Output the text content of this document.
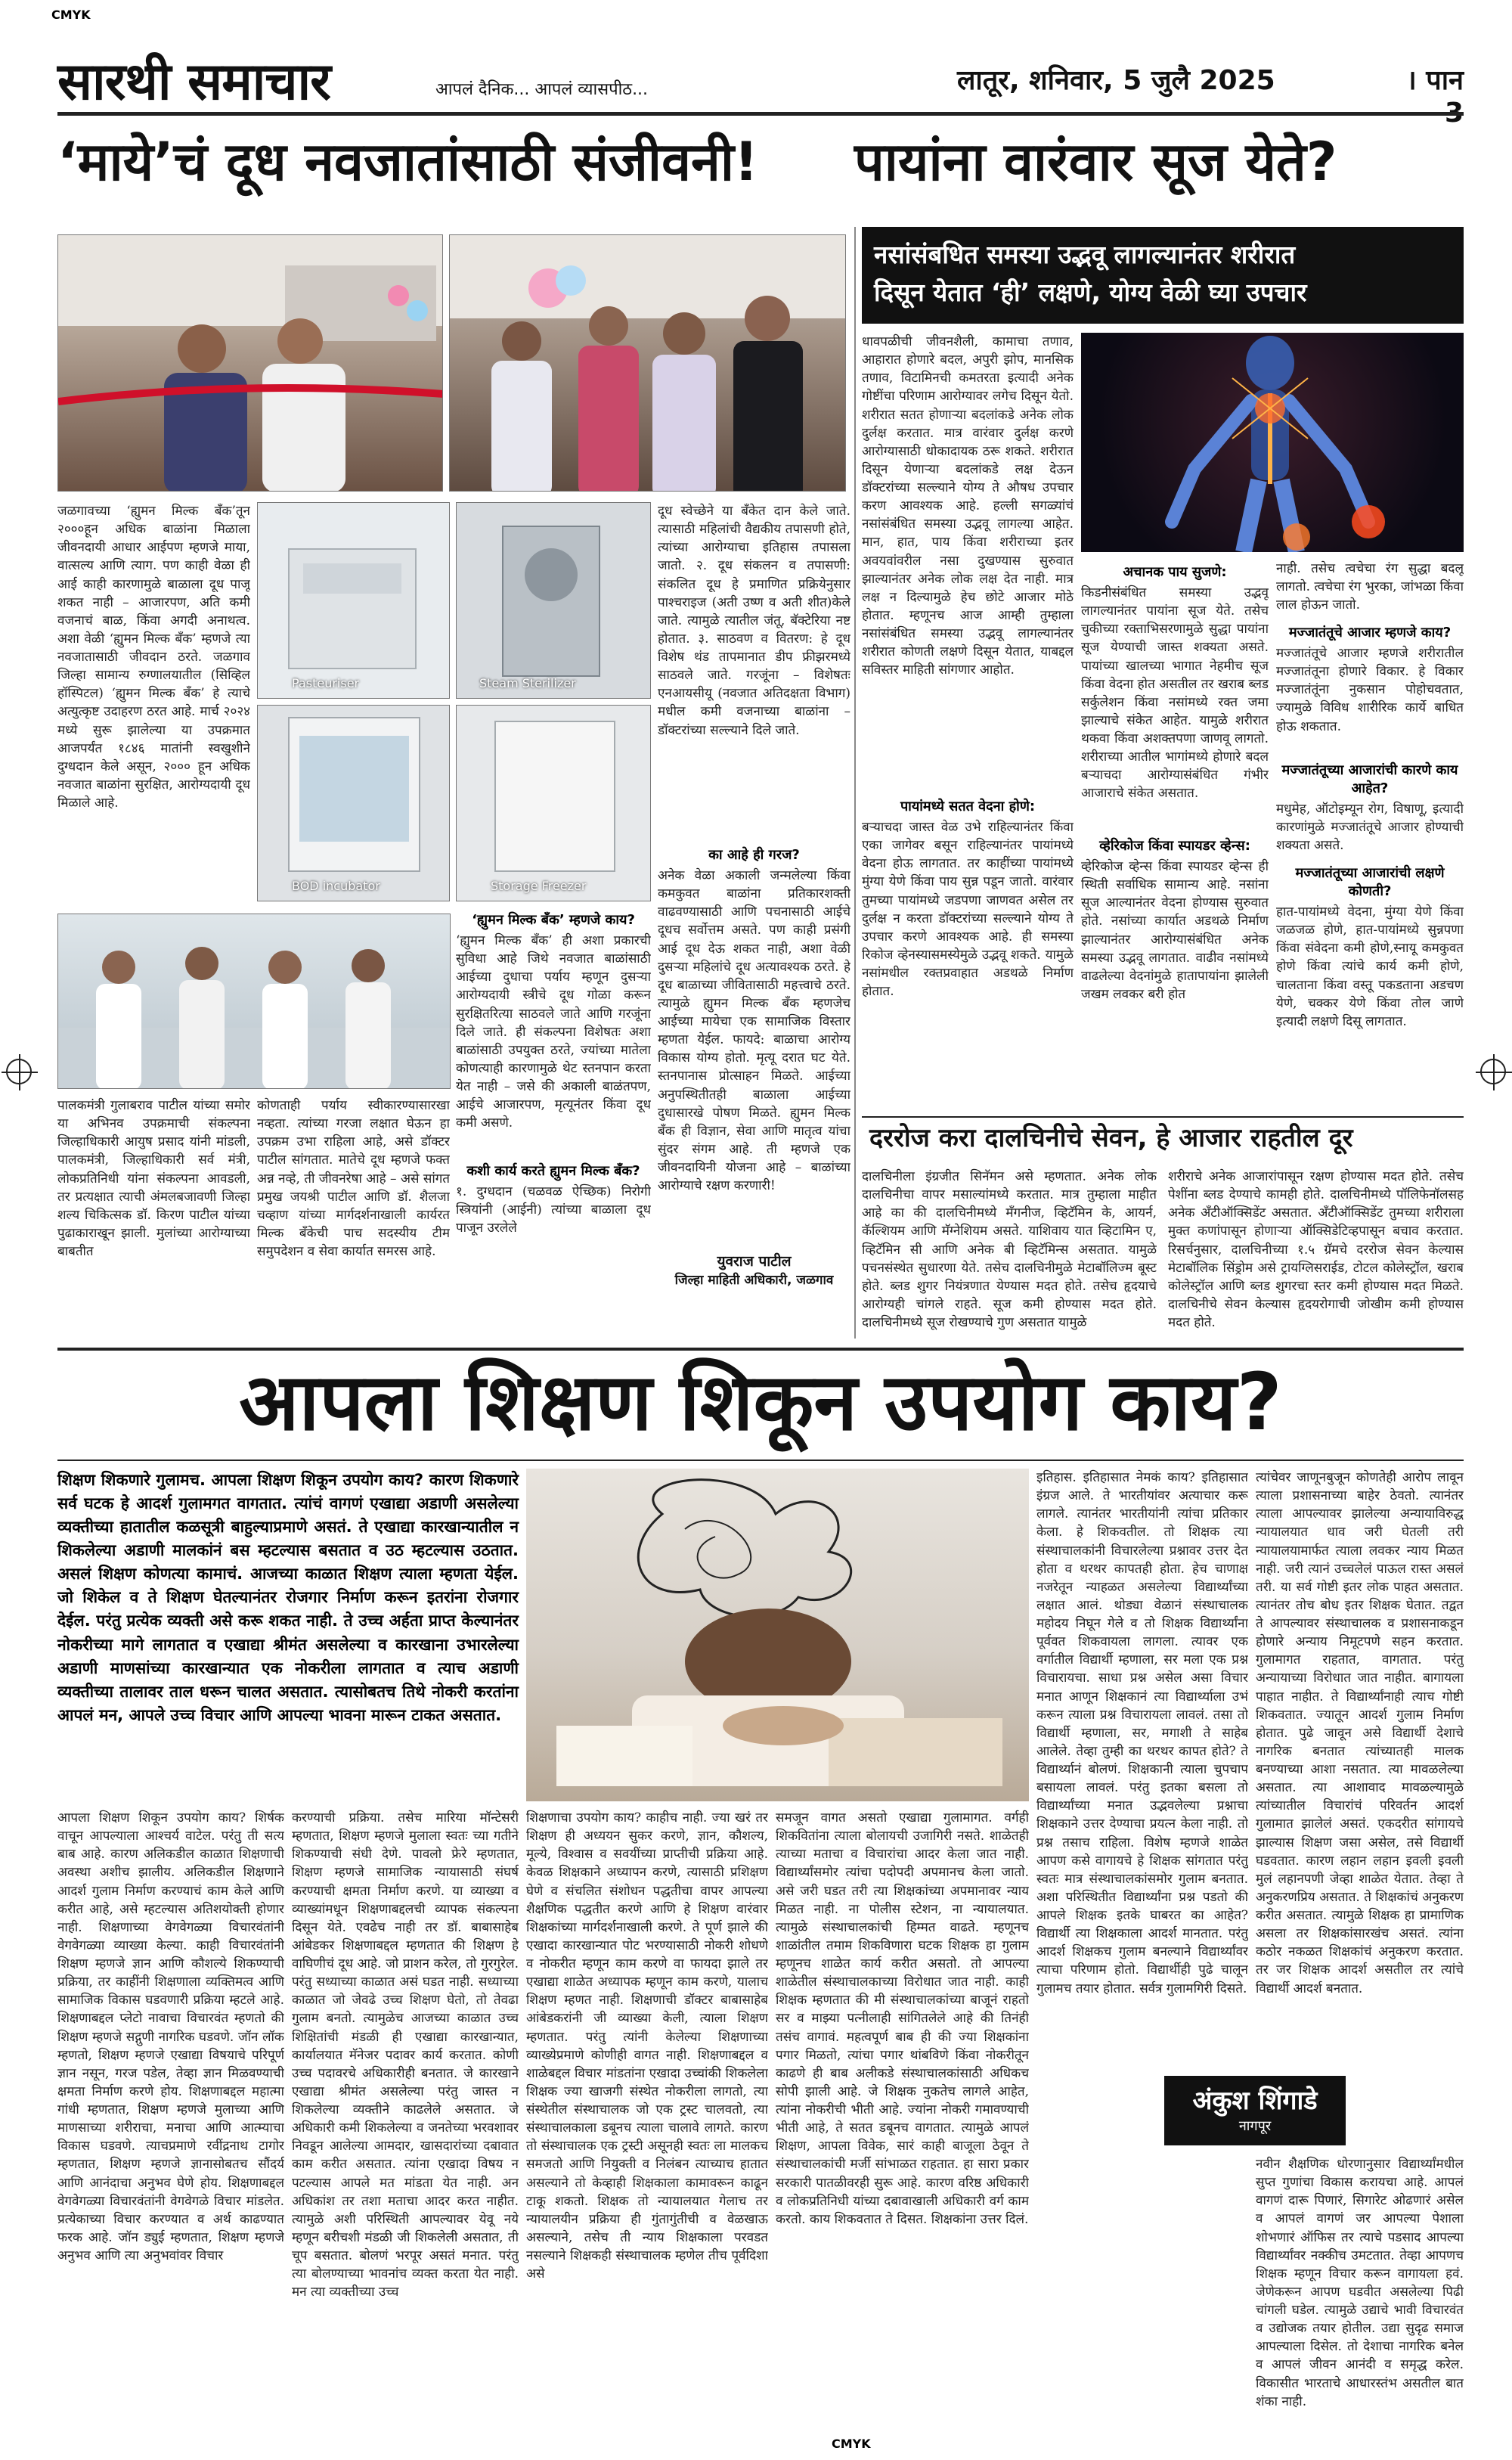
CMYK
CMYK
सारथी समाचार	आपलं दैनिक... आपलं व्यासपीठ...	लातूर, शनिवार, 5 जुलै 2025	। पान
‘माये’चं दूध नवजातांसाठी संजीवनी!	पायांना वारंवार सूज येते?
Pasteuriser	Steam Sterilizer
BOD incubator	Storage Freezer
जळगावच्या ‘ह्युमन मिल्क बँक’तून २०००हून अधिक बाळांना मिळाला जीवनदायी आधार आईपण म्हणजे माया, वात्सल्य आणि त्याग. पण काही वेळा ही आई काही कारणामुळे बाळाला दूध पाजू शकत नाही – आजारपण, अति कमी वजनाचं बाळ, किंवा अगदी अनाथत्व. अशा वेळी ‘ह्युमन मिल्क बँक’ म्हणजे त्या नवजातासाठी जीवदान ठरते. जळगाव जिल्हा सामान्य रुग्णालयातील (सिव्हिल हॉस्पिटल) ‘ह्युमन मिल्क बँक’ हे त्याचे अत्युत्कृष्ट उदाहरण ठरत आहे. मार्च २०२४ मध्ये सुरू झालेल्या या उपक्रमात आजपर्यंत १८४६ मातांनी स्वखुशीने दुग्धदान केले असून, २००० हून अधिक नवजात बाळांना सुरक्षित, आरोग्यदायी दूध मिळाले आहे.
पालकमंत्री गुलाबराव पाटील यांच्या समोर या अभिनव उपक्रमाची संकल्पना जिल्हाधिकारी आयुष प्रसाद यांनी मांडली, पालकमंत्री, जिल्हाधिकारी सर्व मंत्री, लोकप्रतिनिधी यांना संकल्पना आवडली, तर प्रत्यक्षात त्याची अंमलबजावणी जिल्हा शल्य चिकित्सक डॉ. किरण पाटील यांच्या पुढाकाराखून झाली. मुलांच्या आरोग्याच्या बाबतीत
कोणताही पर्याय स्वीकारण्यासारखा नव्हता. त्यांच्या गरजा लक्षात घेऊन हा उपक्रम उभा राहिला आहे, असे डॉक्टर पाटील सांगतात. मातेचे दूध म्हणजे फक्त अन्न नव्हे, ती जीवनरेषा आहे – असे सांगत प्रमुख जयश्री पाटील आणि डॉ. शैलजा चव्हाण यांच्या मार्गदर्शनाखाली कार्यरत मिल्क बँकेची पाच सदस्यीय टीम समुपदेशन व सेवा कार्यात समरस आहे.
‘ह्युमन मिल्क बँक’ म्हणजे काय?
‘ह्युमन मिल्क बँक’ ही अशा प्रकारची सुविधा आहे जिथे नवजात बाळांसाठी आईच्या दुधाचा पर्याय म्हणून दुसऱ्या आरोग्यदायी स्त्रीचे दूध गोळा करून सुरक्षितरित्या साठवले जाते आणि गरजूंना दिले जाते. ही संकल्पना विशेषतः अशा बाळांसाठी उपयुक्त ठरते, ज्यांच्या मातेला कोणत्याही कारणामुळे थेट स्तनपान करता येत नाही – जसे की अकाली बाळंतपण, आईचे आजारपण, मृत्यूनंतर किंवा दूध कमी असणे.
कशी कार्य करते ह्युमन मिल्क बँक?
१. दुग्धदान (चळवळ ऐच्छिक) निरोगी स्त्रियांनी (आईनी) त्यांच्या बाळाला दूध पाजून उरलेले
दूध स्वेच्छेने या बँकेत दान केले जाते. त्यासाठी महिलांची वैद्यकीय तपासणी होते, त्यांच्या आरोग्याचा इतिहास तपासला जातो. २. दूध संकलन व तपासणी: संकलित दूध हे प्रमाणित प्रक्रियेनुसार पाश्चराइज (अती उष्ण व अती शीत)केले जाते. त्यामुळे त्यातील जंतू, बॅक्टेरिया नष्ट होतात. ३. साठवण व वितरण: हे दूध विशेष थंड तापमानात डीप फ्रीझरमध्ये साठवले जाते. गरजूंना – विशेषतः एनआयसीयू (नवजात अतिदक्षता विभाग) मधील कमी वजनाच्या बाळांना – डॉक्टरांच्या सल्ल्याने दिले जाते.
का आहे ही गरज?
अनेक वेळा अकाली जन्मलेल्या किंवा कमकुवत बाळांना प्रतिकारशक्ती वाढवण्यासाठी आणि पचनासाठी आईचे दूधच सर्वोत्तम असते. पण काही प्रसंगी आई दूध देऊ शकत नाही, अशा वेळी दुसऱ्या महिलांचे दूध अत्यावश्यक ठरते. हे दूध बाळाच्या जीवितासाठी महत्त्वाचे ठरते. त्यामुळे ह्युमन मिल्क बँक म्हणजेच आईच्या मायेचा एक सामाजिक विस्तार म्हणता येईल. फायदे: बाळाचा आरोग्य विकास योग्य होतो. मृत्यू दरात घट येते. स्तनपानास प्रोत्साहन मिळते. आईच्या अनुपस्थितीतही बाळाला आईच्या दुधासारखे पोषण मिळते. ह्युमन मिल्क बँक ही विज्ञान, सेवा आणि मातृत्व यांचा सुंदर संगम आहे. ती म्हणजे एक जीवनदायिनी योजना आहे – बाळांच्या आरोग्याचे रक्षण करणारी!
युवराज पाटील
जिल्हा माहिती अधिकारी, जळगाव
नसांसंबधित समस्या उद्भवू लागल्यानंतर शरीरात
दिसून येतात ‘ही’ लक्षणे, योग्य वेळी घ्या उपचार
धावपळीची जीवनशैली, कामाचा तणाव, आहारात होणारे बदल, अपुरी झोप, मानसिक तणाव, विटामिनची कमतरता इत्यादी अनेक गोष्टींचा परिणाम आरोग्यावर लगेच दिसून येतो. शरीरात सतत होणाऱ्या बदलांकडे अनेक लोक दुर्लक्ष करतात. मात्र वारंवार दुर्लक्ष करणे आरोग्यासाठी धोकादायक ठरू शकते. शरीरात दिसून येणाऱ्या बदलांकडे लक्ष देऊन डॉक्टरांच्या सल्ल्याने योग्य ते औषध उपचार करण आवश्यक आहे. हल्ली सगळ्यांचं नसांसंबंधित समस्या उद्भवू लागल्या आहेत. मान, हात, पाय किंवा शरीराच्या इतर अवयवांवरील नसा दुखण्यास सुरुवात झाल्यानंतर अनेक लोक लक्ष देत नाही. मात्र लक्ष न दिल्यामुळे हेच छोटे आजार मोठे होतात. म्हणूनच आज आम्ही तुम्हाला नसांसंबंधित समस्या उद्भवू लागल्यानंतर शरीरात कोणती लक्षणे दिसून येतात, याबद्दल सविस्तर माहिती सांगणार आहोत.
पायांमध्ये सतत वेदना होणे:
बऱ्याचदा जास्त वेळ उभे राहिल्यानंतर किंवा एका जागेवर बसून राहिल्यानंतर पायांमध्ये वेदना होऊ लागतात. तर काहींच्या पायांमध्ये मुंग्या येणे किंवा पाय सुन्न पडून जातो. वारंवार तुमच्या पायांमध्ये जडपणा जाणवत असेल तर दुर्लक्ष न करता डॉक्टरांच्या सल्ल्याने योग्य ते उपचार करणे आवश्यक आहे. ही समस्या रिकोज व्हेनस्यासमस्येमुळे उद्भवू शकते. यामुळे नसांमधील रक्तप्रवाहात अडथळे निर्माण होतात.
अचानक पाय सुजणे:
किडनीसंबंधित समस्या उद्भवू लागल्यानंतर पायांना सूज येते. तसेच चुकीच्या रक्ताभिसरणामुळे सुद्धा पायांना सूज येण्याची जास्त शक्यता असते. पायांच्या खालच्या भागात नेहमीच सूज किंवा वेदना होत असतील तर खराब ब्लड सर्कुलेशन किंवा नसांमध्ये रक्त जमा झाल्याचे संकेत आहेत. यामुळे शरीरात थकवा किंवा अशक्तपणा जाणवू लागतो. शरीराच्या आतील भागांमध्ये होणारे बदल बऱ्याचदा आरोग्यासंबंधित गंभीर आजाराचे संकेत असतात.
व्हेरिकोज किंवा स्पायडर व्हेन्स:
व्हेरिकोज व्हेन्स किंवा स्पायडर व्हेन्स ही स्थिती सर्वाधिक सामान्य आहे. नसांना सूज आल्यानंतर वेदना होण्यास सुरुवात होते. नसांच्या कार्यात अडथळे निर्माण झाल्यानंतर आरोग्यासंबंधित अनेक समस्या उद्भवू लागतात. वाढीव नसांमध्ये वाढलेल्या वेदनांमुळे हातापायांना झालेली जखम लवकर बरी होत
नाही. तसेच त्वचेचा रंग सुद्धा बदलू लागतो. त्वचेचा रंग भुरका, जांभळा किंवा लाल होऊन जातो.
मज्जातंतूचे आजार म्हणजे काय?
मज्जातंतूचे आजार म्हणजे शरीरातील मज्जातंतूना होणारे विकार. हे विकार मज्जातंतूंना नुकसान पोहोचवतात, ज्यामुळे विविध शारीरिक कार्ये बाधित होऊ शकतात.
मज्जातंतूच्या आजारांची कारणे काय आहेत?
मधुमेह, ऑटोइम्यून रोग, विषाणू, इत्यादी कारणांमुळे मज्जातंतूचे आजार होण्याची शक्यता असते.
मज्जातंतूच्या आजारांची लक्षणे कोणती?
हात-पायांमध्ये वेदना, मुंग्या येणे किंवा जळजळ होणे, हात-पायांमध्ये सुन्नपणा किंवा संवेदना कमी होणे,स्नायू कमकुवत होणे किंवा त्यांचे कार्य कमी होणे, चालताना किंवा वस्तू पकडताना अडचण येणे, चक्कर येणे किंवा तोल जाणे इत्यादी लक्षणे दिसू लागतात.
दररोज करा दालचिनीचे सेवन, हे आजार राहतील दूर
दालचिनीला इंग्रजीत सिनॅमन असे म्हणतात. अनेक लोक दालचिनीचा वापर मसाल्यांमध्ये करतात. मात्र तुम्हाला माहीत आहे का की दालचिनीमध्ये मँगनीज, व्हिटॅमिन के, आयर्न, कॅल्शियम आणि मॅग्नेशियम असते. याशिवाय यात व्हिटामिन ए, व्हिटॅमिन सी आणि अनेक बी व्हिटॅमिन्स असतात. यामुळे पचनसंस्थेत सुधारणा येते. तसेच दालचिनीमुळे मेटाबॉलिज्म बूस्ट होते. ब्लड शुगर नियंत्रणात येण्यास मदत होते. तसेच हृदयाचे आरोग्यही चांगले राहते. सूज कमी होण्यास मदत होते. दालचिनीमध्ये सूज रोखण्याचे गुण असतात यामुळे
शरीराचे अनेक आजारांपासून रक्षण होण्यास मदत होते. तसेच पेशींना ब्लड देण्याचे कामही होते. दालचिनीमध्ये पॉलिफेनॉलसह अनेक अँटीऑक्सिडेंट असतात. अँटीऑक्सिडेंट तुमच्या शरीराला मुक्त कणांपासून होणाऱ्या ऑक्सिडेटिव्हपासून बचाव करतात. रिसर्चनुसार, दालचिनीच्या १.५ ग्रॅमचे दररोज सेवन केल्यास मेटाबॉलिक सिंड्रोम असे ट्रायग्लिसराईड, टोटल कोलेस्ट्रॉल, खराब कोलेस्ट्रॉल आणि ब्लड शुगरचा स्तर कमी होण्यास मदत मिळते. दालचिनीचे सेवन केल्यास हृदयरोगाची जोखीम कमी होण्यास मदत होते.
आपला शिक्षण शिकून उपयोग काय?
शिक्षण शिकणारे गुलामच. आपला शिक्षण शिकून उपयोग काय? कारण शिकणारे सर्व घटक हे आदर्श गुलामगत वागतात. त्यांचं वागणं एखाद्या अडाणी असलेल्या व्यक्तीच्या हातातील कळसूत्री बाहुल्याप्रमाणे असतं. ते एखाद्या कारखान्यातील न शिकलेल्या अडाणी मालकांनं बस म्हटल्यास बसतात व उठ म्हटल्यास उठतात. असलं शिक्षण कोणत्या कामाचं. आजच्या काळात शिक्षण त्याला म्हणता येईल. जो शिकेल व ते शिक्षण घेतल्यानंतर रोजगार निर्माण करून इतरांना रोजगार देईल. परंतु प्रत्येक व्यक्ती असे करू शकत नाही. ते उच्च अर्हता प्राप्त केल्यानंतर नोकरीच्या मागे लागतात व एखाद्या श्रीमंत असलेल्या व कारखाना उभारलेल्या अडाणी माणसांच्या कारखान्यात एक नोकरीला लागतात व त्याच अडाणी व्यक्तीच्या तालावर ताल धरून चालत असतात. त्यासोबतच तिथे नोकरी करतांना आपलं मन, आपले उच्च विचार आणि आपल्या भावना मारून टाकत असतात.
आपला शिक्षण शिकून उपयोग काय? शिर्षक वाचून आपल्याला आश्चर्य वाटेल. परंतु ती सत्य बाब आहे. कारण अलिकडील काळात शिक्षणाची अवस्था अशीच झालीय. अलिकडील शिक्षणाने आदर्श गुलाम निर्माण करण्याचं काम केले आणि करीत आहे, असे म्हटल्यास अतिशयोक्ती होणार नाही. शिक्षणाच्या वेगवेगळ्या विचारवंतांनी वेगवेगळ्या व्याख्या केल्या. काही विचारवंतांनी शिक्षण म्हणजे ज्ञान आणि कौशल्ये शिकण्याची प्रक्रिया, तर काहींनी शिक्षणाला व्यक्तिमत्व आणि सामाजिक विकास घडवणारी प्रक्रिया म्हटले आहे. शिक्षणाबद्दल प्लेटो नावाचा विचारवंत म्हणतो की शिक्षण म्हणजे सद्गुणी नागरिक घडवणे. जॉन लॉक म्हणतो, शिक्षण म्हणजे एखाद्या विषयाचे परिपूर्ण ज्ञान नसून, गरज पडेल, तेव्हा ज्ञान मिळवण्याची क्षमता निर्माण करणे होय. शिक्षणाबद्दल महात्मा गांधी म्हणतात, शिक्षण म्हणजे मुलाच्या आणि माणसाच्या शरीराचा, मनाचा आणि आत्म्याचा विकास घडवणे. त्याचप्रमाणे रवींद्रनाथ टागोर म्हणतात, शिक्षण म्हणजे ज्ञानासोबतच सौंदर्य आणि आनंदाचा अनुभव घेणे होय. शिक्षणाबद्दल वेगवेगळ्या विचारवंतांनी वेगवेगळे विचार मांडलेत. प्रत्येकाच्या विचार करण्यात व अर्थ काढण्यात फरक आहे. जॉन ड्युई म्हणतात, शिक्षण म्हणजे अनुभव आणि त्या अनुभवांवर विचार
करण्याची प्रक्रिया. तसेच मारिया मॉन्टेसरी म्हणतात, शिक्षण म्हणजे मुलाला स्वतः च्या गतीने शिकण्याची संधी देणे. पावलो फ्रेरे म्हणतात, शिक्षण म्हणजे सामाजिक न्यायासाठी संघर्ष करण्याची क्षमता निर्माण करणे. या व्याख्या व व्याख्यांमधून शिक्षणाबद्दलची व्यापक संकल्पना दिसून येते. एवढेच नाही तर डॉ. बाबासाहेब आंबेडकर शिक्षणाबद्दल म्हणतात की शिक्षण हे वाघिणीचं दूध आहे. जो प्राशन करेल, तो गुरगुरेल. परंतु सध्याच्या काळात असं घडत नाही. सध्याच्या काळात जो जेवढे उच्च शिक्षण घेतो, तो तेवढा गुलाम बनतो. त्यामुळेच आजच्या काळात उच्च शिक्षितांची मंडळी ही एखाद्या कारखान्यात, कार्यालयात मॅनेजर पदावर कार्य करतात. कोणी उच्च पदावरचे अधिकारीही बनतात. जे कारखाने एखाद्या श्रीमंत असलेल्या परंतु जास्त न शिकलेल्या व्यक्तीने काढलेले असतात. जे अधिकारी कमी शिकलेल्या व जनतेच्या भरवशावर निवडून आलेल्या आमदार, खासदारांच्या दबावात काम करीत असतात. त्यांना एखादा विषय न पटल्यास आपले मत मांडता येत नाही. अन अधिकांश तर तशा मताचा आदर करत नाहीत. त्यामुळे अशी परिस्थिती आपल्यावर येवू नये म्हणून बरीचशी मंडळी जी शिकलेली असतात, ती चूप बसतात. बोलणं भरपूर असतं मनात. परंतु त्या बोलण्याच्या भावनांच व्यक्त करता येत नाही. मन त्या व्यक्तीच्या उच्च
शिक्षणाचा उपयोग काय? काहीच नाही. ज्या खरं तर शिक्षण ही अध्ययन सुकर करणे, ज्ञान, कौशल्य, मूल्ये, विश्वास व सवयींच्या प्राप्तीची प्रक्रिया आहे. केवळ शिक्षकाने अध्यापन करणे, त्यासाठी प्रशिक्षण घेणे व संचलित संशोधन पद्धतीचा वापर आपल्या शैक्षणिक पद्धतीत करणे आणि हे शिक्षण वारंवार शिक्षकांच्या मार्गदर्शनाखाली करणे. ते पूर्ण झाले की एखादा कारखान्यात पोट भरण्यासाठी नोकरी शोधणे व नोकरीत म्हणून काम करणे वा फायदा झाले तर एखाद्या शाळेत अध्यापक म्हणून काम करणे, यालाच शिक्षण म्हणत नाही. शिक्षणाची डॉक्टर बाबासाहेब आंबेडकरांनी जी व्याख्या केली, त्याला शिक्षण म्हणतात. परंतु त्यांनी केलेल्या शिक्षणाच्या व्याख्येप्रमाणे कोणीही वागत नाही. शिक्षणाबद्दल व शाळेबद्दल विचार मांडतांना एखादा उच्चांकी शिकलेला शिक्षक ज्या खाजगी संस्थेत नोकरीला लागतो, त्या संस्थेतील संस्थाचालक जो एक ट्रस्ट चालवतो, त्या संस्थाचालकाला डबूनच त्याला चालावे लागते. कारण तो संस्थाचालक एक ट्रस्टी असूनही स्वतः ला मालकच समजतो आणि नियुक्ती व निलंबन त्याच्याच हातात असल्याने तो केव्हाही शिक्षकाला कामावरून काढून टाकू शकतो. शिक्षक तो न्यायालयात गेलाच तर न्यायालयीन प्रक्रिया ही गुंतागुंतीची व वेळखाऊ असल्याने, तसेच ती न्याय शिक्षकाला परवडत नसल्याने शिक्षकही संस्थाचालक म्हणेल तीच पूर्वदिशा असे
समजून वागत असतो एखाद्या गुलामागत. वर्गही शिकवितांना त्याला बोलायची उजागिरी नसते. शाळेतही त्याच्या मताचा व विचारांचा आदर केला जात नाही. विद्यार्थ्यांसमोर त्यांचा पदोपदी अपमानच केला जातो. असे जरी घडत तरी त्या शिक्षकांच्या अपमानावर न्याय मिळत नाही. ना पोलीस स्टेशन, ना न्यायालयात. त्यामुळे संस्थाचालकांची हिम्मत वाढते. म्हणूनच शाळांतील तमाम शिकविणारा घटक शिक्षक हा गुलाम म्हणूनच शाळेत कार्य करीत असतो. तो आपल्या शाळेतील संस्थाचालकाच्या विरोधात जात नाही. काही शिक्षक म्हणतात की मी संस्थाचालकांच्या बाजूनं राहतो सर व माझ्या पत्नीलाही सांगितलेले आहे की तिनंही तसंच वागावं. महत्वपूर्ण बाब ही की ज्या शिक्षकांना पगार मिळतो, त्यांचा पगार थांबविणे किंवा नोकरीतून काढणे ही बाब अलीकडे संस्थाचालकांसाठी अधिकच सोपी झाली आहे. जे शिक्षक नुकतेच लागले आहेत, त्यांना नोकरीची भीती आहे. ज्यांना नोकरी गमावण्याची भीती आहे, ते सतत डबूनच वागतात. त्यामुळे आपलं शिक्षण, आपला विवेक, सारं काही बाजूला ठेवून ते संस्थाचालकांची मर्जी सांभाळत राहतात. हा सारा प्रकार सरकारी पातळीवरही सुरू आहे. कारण वरिष्ठ अधिकारी व लोकप्रतिनिधी यांच्या दबावाखाली अधिकारी वर्ग काम करतो. काय शिकवतात ते दिसत. शिक्षकांना उत्तर दिलं.
इतिहास. इतिहासात नेमकं काय? इतिहासात इंग्रज आले. ते भारतीयांवर अत्याचार करू लागले. त्यानंतर भारतीयांनी त्यांचा प्रतिकार केला. हे शिकवतील. तो शिक्षक त्या संस्थाचालकांनी विचारलेल्या प्रश्नावर उत्तर देत होता व थरथर कापतही होता. हेच चाणाक्ष नजरेतून न्याहळत असलेल्या विद्यार्थ्यांच्या लक्षात आलं. थोड्या वेळानं संस्थाचालक महोदय निघून गेले व तो शिक्षक विद्यार्थ्यांना पूर्ववत शिकवायला लागला. त्यावर एक वर्गातील विद्यार्थी म्हणाला, सर मला एक प्रश्न विचारायचा. साधा प्रश्न असेल असा विचार मनात आणून शिक्षकानं त्या विद्यार्थ्याला उभं करून त्याला प्रश्न विचारायला लावलं. तसा तो विद्यार्थी म्हणाला, सर, मगाशी ते साहेब आलेले. तेव्हा तुम्ही का थरथर कापत होते? ते विद्यार्थ्यानं बोलणं. शिक्षकानी त्याला चुपचाप बसायला लावलं. परंतु इतका बसला तो विद्यार्थ्यांच्या मनात उद्भवलेल्या प्रश्नाचा शिक्षकाने उत्तर देण्याचा प्रयत्न केला नाही. तो प्रश्न तसाच राहिला. विशेष म्हणजे शाळेत आपण कसे वागायचे हे शिक्षक सांगतात परंतु स्वतः मात्र संस्थाचालकांसमोर गुलाम बनतात. अशा परिस्थितीत विद्यार्थ्यांना प्रश्न पडतो की आपले शिक्षक इतके घाबरत का आहेत? विद्यार्थी त्या शिक्षकाला आदर्श मानतात. परंतु आदर्श शिक्षकच गुलाम बनल्याने विद्यार्थ्यांवर त्याचा परिणाम होतो. विद्यार्थीही पुढे चालून गुलामच तयार होतात. सर्वत्र गुलामगिरी दिसते.
त्यांचेवर जाणूनबुजून कोणतेही आरोप लावून त्याला प्रशासनाच्या बाहेर ठेवतो. त्यानंतर त्याला आपल्यावर झालेल्या अन्यायाविरुद्ध न्यायालयात धाव जरी घेतली तरी न्यायालयामार्फत त्याला लवकर न्याय मिळत नाही. जरी त्यानं उच्चलेलं पाऊल रास्त असलं तरी. या सर्व गोष्टी इतर लोक पाहत असतात. त्यानंतर तोच बोध इतर शिक्षक घेतात. तद्वत ते आपल्यावर संस्थाचालक व प्रशासनाकडून होणारे अन्याय निमूटपणे सहन करतात. गुलामागत राहतात, वागतात. परंतु अन्यायाच्या विरोधात जात नाहीत. बागायला पाहात नाहीत. ते विद्यार्थ्यांनाही त्याच गोष्टी शिकवतात. ज्यातून आदर्श गुलाम निर्माण होतात. पुढे जावून असे विद्यार्थी देशाचे नागरिक बनतात त्यांच्यातही मालक बनण्याच्या आशा नसतात. त्या मावळलेल्या असतात. त्या आशावाद मावळल्यामुळे त्यांच्यातील विचारांचं परिवर्तन आदर्श गुलामात झालेलं असतं. एकदरीत सांगायचे झाल्यास शिक्षण जसा असेल, तसे विद्यार्थी घडवतात. कारण लहान लहान इवली इवली मुलं लहानपणी जेव्हा शाळेत येतात. तेव्हा ते अनुकरणप्रिय असतात. ते शिक्षकांचं अनुकरण करीत असतात. त्यामुळे शिक्षक हा प्रामाणिक असला तर शिक्षकांसारखंच असतं. त्यांना कठोर नकळत शिक्षकांचं अनुकरण करतात. तर जर शिक्षक आदर्श असतील तर त्यांचे विद्यार्थी आदर्श बनतात.
अंकुश शिंगाडे
नागपूर
नवीन शैक्षणिक धोरणानुसार विद्यार्थ्यांमधील सुप्त गुणांचा विकास करायचा आहे. आपलं वागणं दारू पिणारं, सिगारेट ओढणारं असेल व आपलं वागणं जर आपल्या पेशाला शोभणारं ऑफिस तर त्याचे पडसाद आपल्या विद्यार्थ्यांवर नक्कीच उमटतात. तेव्हा आपणच शिक्षक म्हणून विचार करून वागायला हवं. जेणेकरून आपण घडवीत असलेल्या पिढी चांगली घडेल. त्यामुळे उद्याचे भावी विचारवंत व उद्योजक तयार होतील. उद्या सुदृढ समाज आपल्याला दिसेल. तो देशाचा नागरिक बनेल व आपलं जीवन आनंदी व समृद्ध करेल. विकासीत भारताचे आधारस्तंभ असतील बात शंका नाही.
